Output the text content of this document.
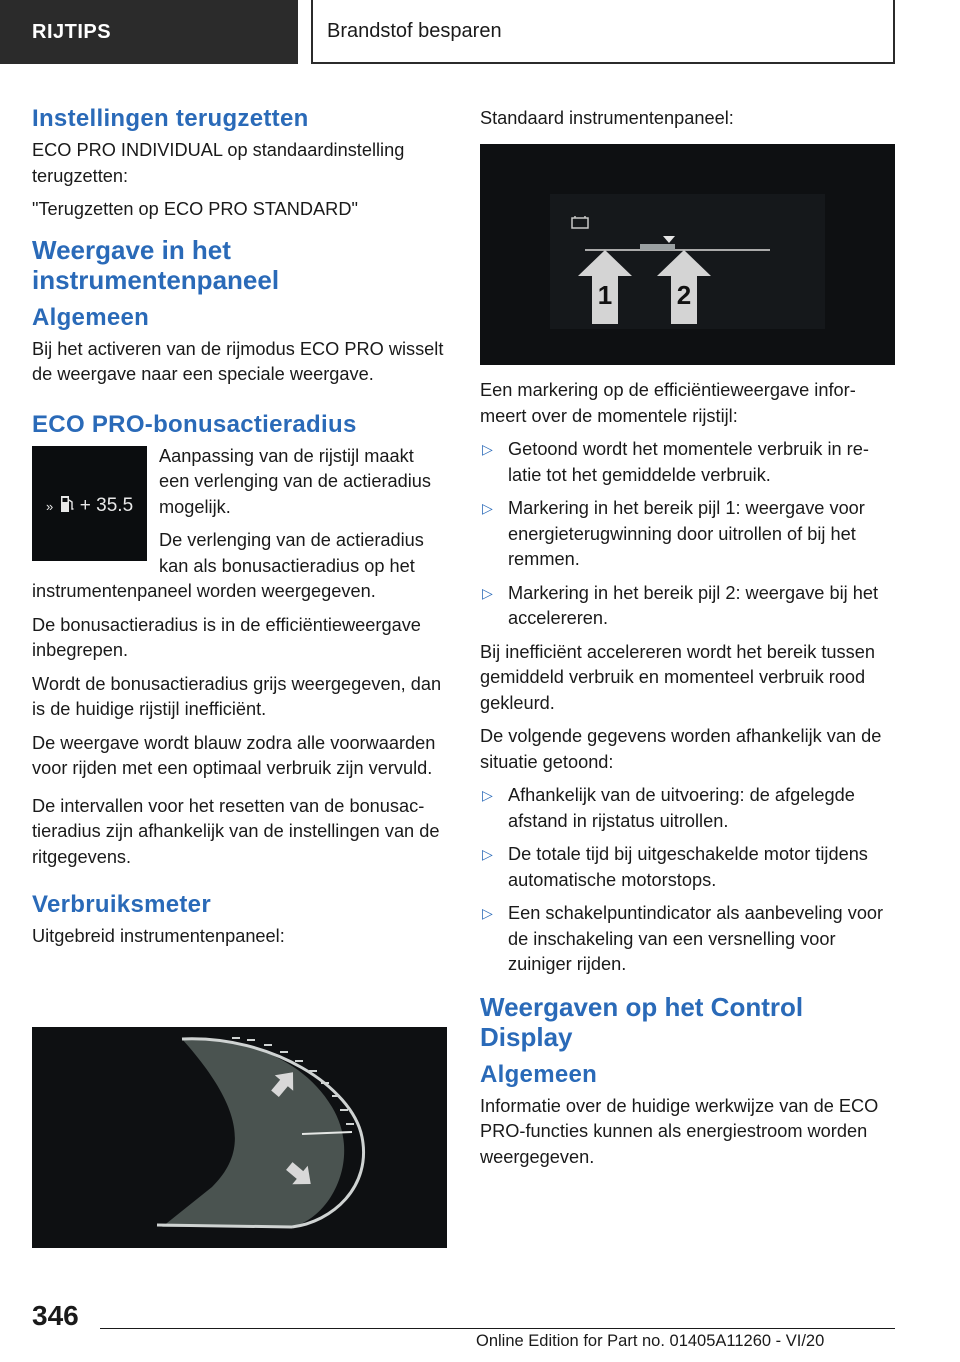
RIJTIPS	Brandstof besparen
Instellingen terugzetten

ECO PRO INDIVIDUAL op standaardinstelling terugzetten:

"Terugzetten op ECO PRO STANDARD"

Weergave in het instrumentenpaneel
Algemeen

Bij het activeren van de rijmodus ECO PRO wisselt de weergave naar een speciale weergave.

ECO PRO-bonusactieradius
» + 35.5

Aanpassing van de rijstijl maakt een verlenging van de actieradius mogelijk.

De verlenging van de actieradius kan als bonusactieradius op het instrumentenpaneel worden weergegeven.

De bonusactieradius is in de efficiëntieweergave inbegrepen.

Wordt de bonusactieradius grijs weergegeven, dan is de huidige rijstijl inefficiënt.

De weergave wordt blauw zodra alle voorwaarden voor rijden met een optimaal verbruik zijn vervuld.

De intervallen voor het resetten van de bonusactieradius zijn afhankelijk van de instellingen van de ritgegevens.

Verbruiksmeter

Uitgebreid instrumentenpaneel:

Standaard instrumentenpaneel:

1 2

Een markering op de efficiëntieweergave informeert over de momentele rijstijl:

▷ Getoond wordt het momentele verbruik in relatie tot het gemiddelde verbruik.
▷ Markering in het bereik pijl 1: weergave voor energieterugwinning door uitrollen of bij het remmen.
▷ Markering in het bereik pijl 2: weergave bij het accelereren.

Bij inefficiënt accelereren wordt het bereik tussen gemiddeld verbruik en momenteel verbruik rood gekleurd.

De volgende gegevens worden afhankelijk van de situatie getoond:

▷ Afhankelijk van de uitvoering: de afgelegde afstand in rijstatus uitrollen.
▷ De totale tijd bij uitgeschakelde motor tijdens automatische motorstops.
▷ Een schakelpuntindicator als aanbeveling voor de inschakeling van een versnelling voor zuiniger rijden.
Weergaven op het Control Display
Algemeen

Informatie over de huidige werkwijze van de ECO PRO-functies kunnen als energiestroom worden weergegeven.

346
Online Edition for Part no. 01405A11260 - VI/20
